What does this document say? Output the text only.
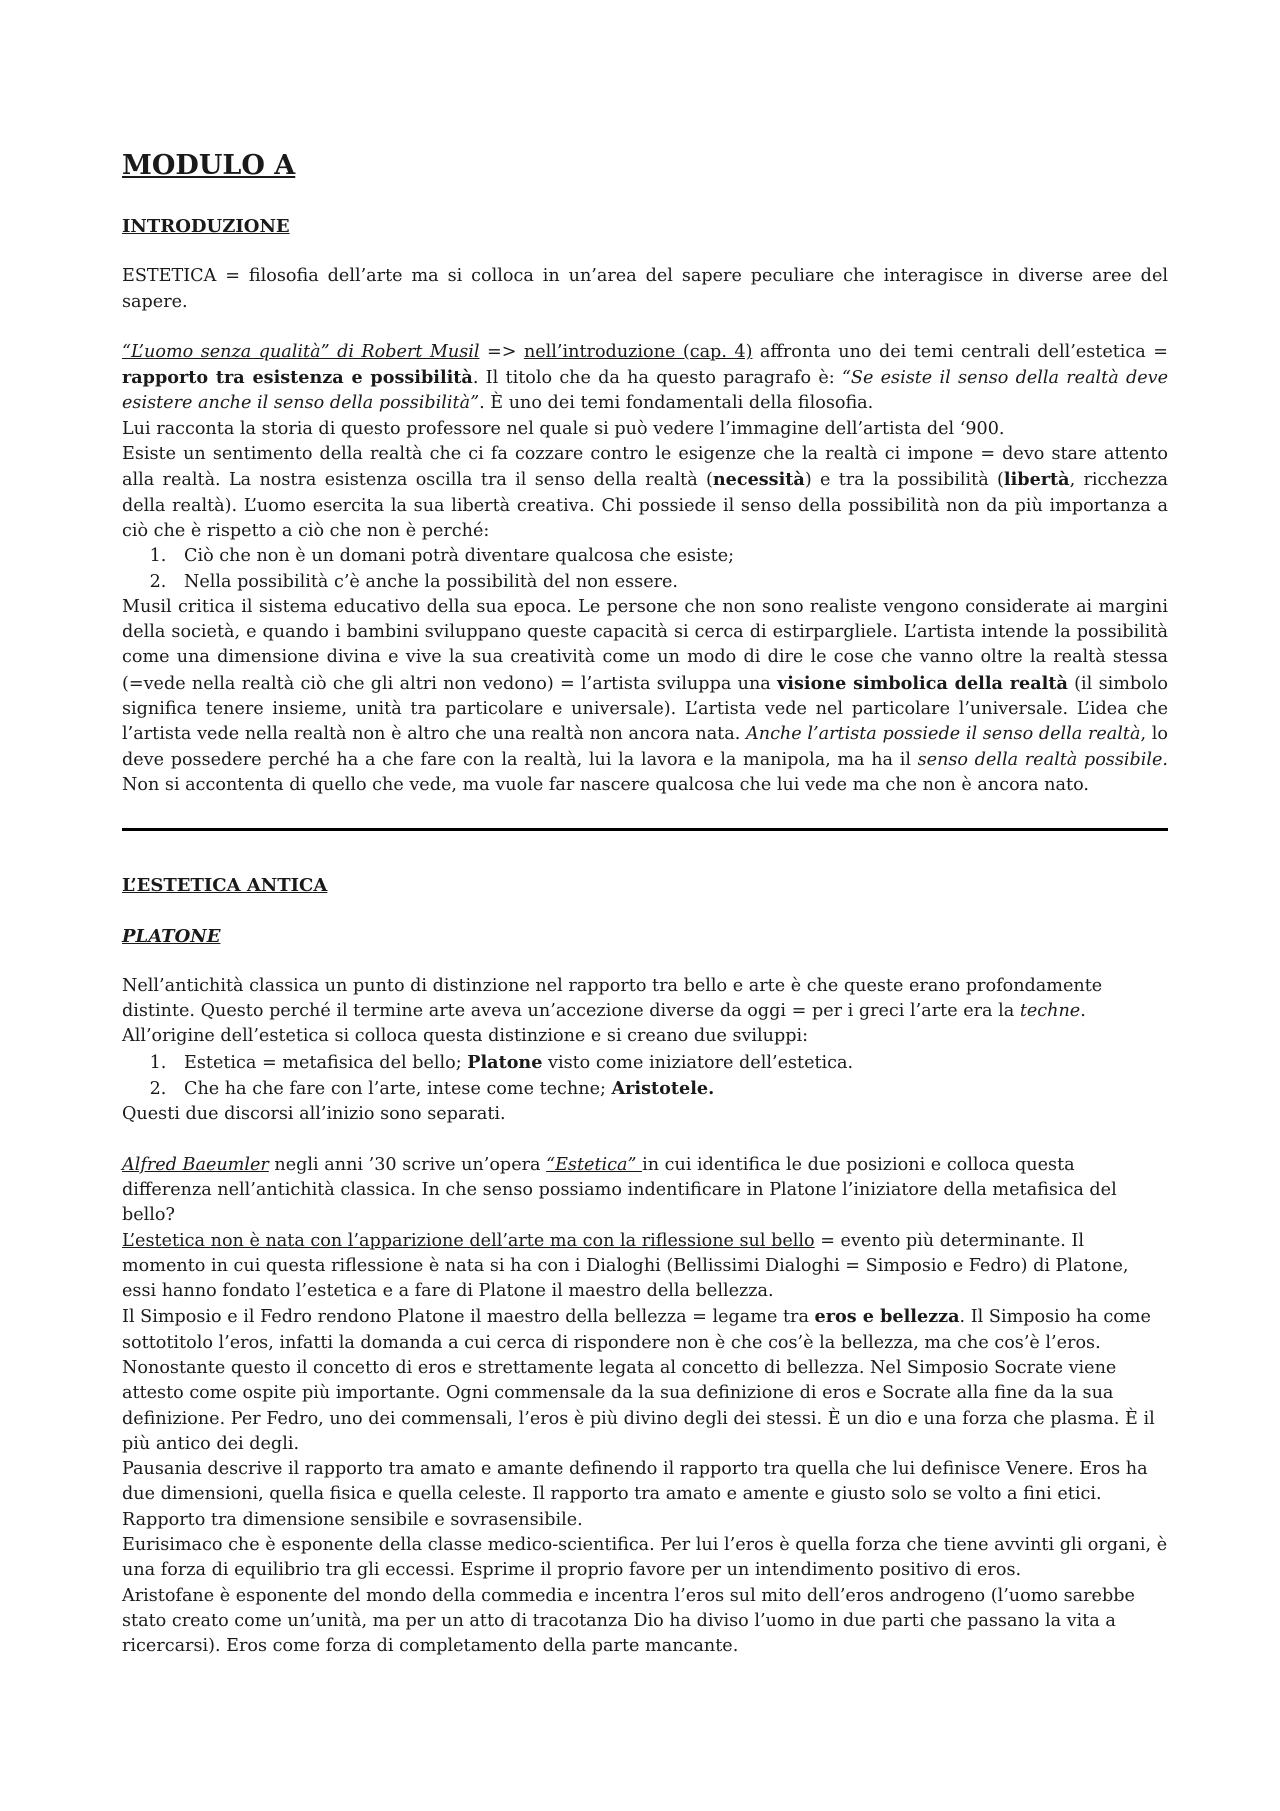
MODULO A
INTRODUZIONE

ESTETICA = filosofia dell’arte ma si colloca in un’area del sapere peculiare che interagisce in diverse aree del sapere.

“L’uomo senza qualità” di Robert Musil => nell’introduzione (cap. 4) affronta uno dei temi centrali dell’estetica = rapporto tra esistenza e possibilità. Il titolo che da ha questo paragrafo è: “Se esiste il senso della realtà deve esistere anche il senso della possibilità”. È uno dei temi fondamentali della filosofia.

Lui racconta la storia di questo professore nel quale si può vedere l’immagine dell’artista del ‘900.

Esiste un sentimento della realtà che ci fa cozzare contro le esigenze che la realtà ci impone = devo stare attento alla realtà. La nostra esistenza oscilla tra il senso della realtà (necessità) e tra la possibilità (libertà, ricchezza della realtà). L’uomo esercita la sua libertà creativa. Chi possiede il senso della possibilità non da più importanza a ciò che è rispetto a ciò che non è perché:

1. Ciò che non è un domani potrà diventare qualcosa che esiste;
2. Nella possibilità c’è anche la possibilità del non essere.

Musil critica il sistema educativo della sua epoca. Le persone che non sono realiste vengono considerate ai margini della società, e quando i bambini sviluppano queste capacità si cerca di estirpargliele. L’artista intende la possibilità come una dimensione divina e vive la sua creatività come un modo di dire le cose che vanno oltre la realtà stessa (=vede nella realtà ciò che gli altri non vedono) = l’artista sviluppa una visione simbolica della realtà (il simbolo significa tenere insieme, unità tra particolare e universale). L’artista vede nel particolare l’universale. L’idea che l’artista vede nella realtà non è altro che una realtà non ancora nata. Anche l’artista possiede il senso della realtà, lo deve possedere perché ha a che fare con la realtà, lui la lavora e la manipola, ma ha il senso della realtà possibile. Non si accontenta di quello che vede, ma vuole far nascere qualcosa che lui vede ma che non è ancora nato.

L’ESTETICA ANTICA
PLATONE

Nell’antichità classica un punto di distinzione nel rapporto tra bello e arte è che queste erano profondamente distinte. Questo perché il termine arte aveva un’accezione diverse da oggi = per i greci l’arte era la techne.

All’origine dell’estetica si colloca questa distinzione e si creano due sviluppi:

1. Estetica = metafisica del bello; Platone visto come iniziatore dell’estetica.
2. Che ha che fare con l’arte, intese come techne; Aristotele.

Questi due discorsi all’inizio sono separati.

Alfred Baeumler negli anni ’30 scrive un’opera “Estetica” in cui identifica le due posizioni e colloca questa differenza nell’antichità classica. In che senso possiamo indentificare in Platone l’iniziatore della metafisica del bello?

L’estetica non è nata con l’apparizione dell’arte ma con la riflessione sul bello = evento più determinante. Il momento in cui questa riflessione è nata si ha con i Dialoghi (Bellissimi Dialoghi = Simposio e Fedro) di Platone, essi hanno fondato l’estetica e a fare di Platone il maestro della bellezza.

Il Simposio e il Fedro rendono Platone il maestro della bellezza = legame tra eros e bellezza. Il Simposio ha come sottotitolo l’eros, infatti la domanda a cui cerca di rispondere non è che cos’è la bellezza, ma che cos’è l’eros. Nonostante questo il concetto di eros e strettamente legata al concetto di bellezza. Nel Simposio Socrate viene attesto come ospite più importante. Ogni commensale da la sua definizione di eros e Socrate alla fine da la sua definizione. Per Fedro, uno dei commensali, l’eros è più divino degli dei stessi. È un dio e una forza che plasma. È il più antico dei degli.

Pausania descrive il rapporto tra amato e amante definendo il rapporto tra quella che lui definisce Venere. Eros ha due dimensioni, quella fisica e quella celeste. Il rapporto tra amato e amente e giusto solo se volto a fini etici. Rapporto tra dimensione sensibile e sovrasensibile.

Eurisimaco che è esponente della classe medico-scientifica. Per lui l’eros è quella forza che tiene avvinti gli organi, è una forza di equilibrio tra gli eccessi. Esprime il proprio favore per un intendimento positivo di eros.

Aristofane è esponente del mondo della commedia e incentra l’eros sul mito dell’eros androgeno (l’uomo sarebbe stato creato come un’unità, ma per un atto di tracotanza Dio ha diviso l’uomo in due parti che passano la vita a ricercarsi). Eros come forza di completamento della parte mancante.
